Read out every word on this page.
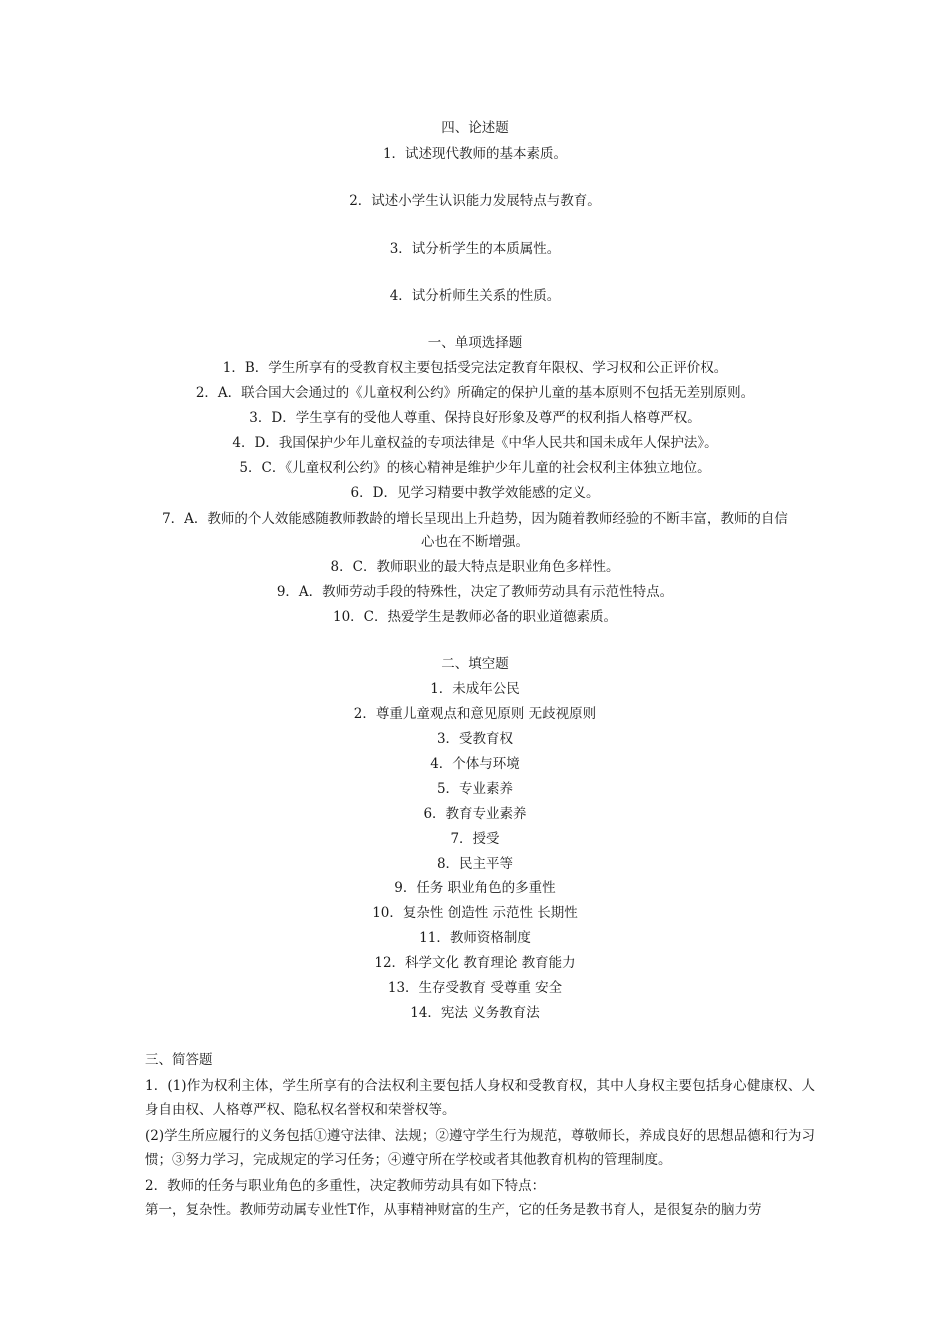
四、论述题
1．试述现代教师的基本素质。
2．试述小学生认识能力发展特点与教育。
3．试分析学生的本质属性。
4．试分析师生关系的性质。
一、单项选择题
1．B．学生所享有的受教育权主要包括受完法定教育年限权、学习权和公正评价权。
2．A．联合国大会通过的《儿童权利公约》所确定的保护儿童的基本原则不包括无差别原则。
3．D．学生享有的受他人尊重、保持良好形象及尊严的权利指人格尊严权。
4．D．我国保护少年儿童权益的专项法律是《中华人民共和国未成年人保护法》。
5．C．《儿童权利公约》的核心精神是维护少年儿童的社会权利主体独立地位。
6．D．见学习精要中教学效能感的定义。
7．A．教师的个人效能感随教师教龄的增长呈现出上升趋势，因为随着教师经验的不断丰富，教师的自信
心也在不断增强。
8．C．教师职业的最大特点是职业角色多样性。
9．A．教师劳动手段的特殊性，决定了教师劳动具有示范性特点。
10．C．热爱学生是教师必备的职业道德素质。
二、填空题
1．未成年公民
2．尊重儿童观点和意见原则 无歧视原则
3．受教育权
4．个体与环境
5．专业素养
6．教育专业素养
7．授受
8．民主平等
9．任务 职业角色的多重性
10．复杂性 创造性 示范性 长期性
11．教师资格制度
12．科学文化 教育理论 教育能力
13．生存受教育 受尊重 安全
14．宪法 义务教育法
三、简答题
1．(1)作为权利主体，学生所享有的合法权利主要包括人身权和受教育权，其中人身权主要包括身心健康权、人身自由权、人格尊严权、隐私权名誉权和荣誉权等。
(2)学生所应履行的义务包括①遵守法律、法规；②遵守学生行为规范，尊敬师长，养成良好的思想品德和行为习惯；③努力学习，完成规定的学习任务；④遵守所在学校或者其他教育机构的管理制度。
2．教师的任务与职业角色的多重性，决定教师劳动具有如下特点：
第一，复杂性。教师劳动属专业性T作，从事精神财富的生产，它的任务是教书育人，是很复杂的脑力劳
